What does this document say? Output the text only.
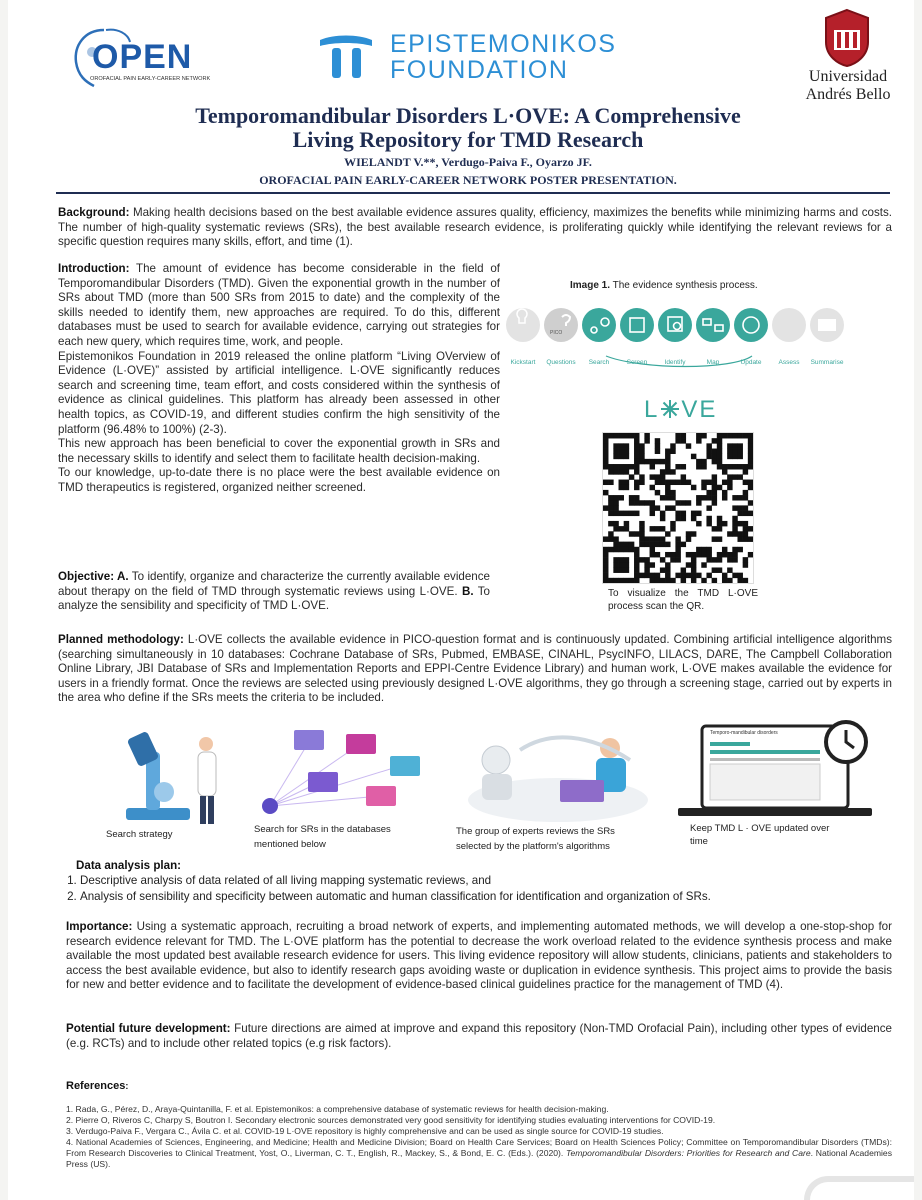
OPEN
OROFACIAL PAIN EARLY-CAREER NETWORK
EPISTEMONIKOS
FOUNDATION	Universidad
Andrés Bello
Temporomandibular Disorders L·OVE: A Comprehensive
Living Repository for TMD Research
WIELANDT V.**, Verdugo-Paiva F., Oyarzo JF.
OROFACIAL PAIN EARLY-CAREER NETWORK POSTER PRESENTATION.
Background: Making health decisions based on the best available evidence assures quality, efficiency, maximizes the benefits while minimizing harms and costs. The number of high-quality systematic reviews (SRs), the best available research evidence, is proliferating quickly while identifying the relevant reviews for a specific question requires many skills, effort, and time (1).
Introduction: The amount of evidence has become considerable in the field of Temporomandibular Disorders (TMD). Given the exponential growth in the number of SRs about TMD (more than 500 SRs from 2015 to date) and the complexity of the skills needed to identify them, new approaches are required. To do this, different databases must be used to search for available evidence, carrying out strategies for each new query, which requires time, work, and people.
Epistemonikos Foundation in 2019 released the online platform “Living OVerview of Evidence (L·OVE)” assisted by artificial intelligence. L·OVE significantly reduces search and screening time, team effort, and costs considered within the synthesis of evidence as clinical guidelines. This platform has already been assessed in other health topics, as COVID-19, and different studies confirm the high sensitivity of the platform (96.48% to 100%) (2-3).
This new approach has been beneficial to cover the exponential growth in SRs and the necessary skills to identify and select them to facilitate health decision-making.
To our knowledge, up-to-date there is no place were the best available evidence on TMD therapeutics is registered, organized neither screened.
Objective: A. To identify, organize and characterize the currently available evidence about therapy on the field of TMD through systematic reviews using L·OVE. B. To analyze the sensibility and specificity of TMD L·OVE.
Image 1. The evidence synthesis process.
PICO
Kickstart	Questions	Search	Screen	Identify	Map	Update	Assess	Summarise
L VE
To visualize the TMD L·OVE process scan the QR.
Planned methodology: L·OVE collects the available evidence in PICO-question format and is continuously updated. Combining artificial intelligence algorithms (searching simultaneously in 10 databases: Cochrane Database of SRs, Pubmed, EMBASE, CINAHL, PsycINFO, LILACS, DARE, The Campbell Collaboration Online Library, JBI Database of SRs and Implementation Reports and EPPI-Centre Evidence Library) and human work, L·OVE makes available the evidence for users in a friendly format. Once the reviews are selected using previously designed L·OVE algorithms, they go through a screening stage, carried out by experts in the area who define if the SRs meets the criteria to be included.
Search strategy	Search for SRs in the databases mentioned below
The group of experts reviews the SRs selected by the platform's algorithms
Temporo-mandibular disorders
Keep TMD L · OVE updated over time
Data analysis plan:
1. Descriptive analysis of data related of all living mapping systematic reviews, and
2. Analysis of sensibility and specificity between automatic and human classification for identification and organization of SRs.
Importance: Using a systematic approach, recruiting a broad network of experts, and implementing automated methods, we will develop a one-stop-shop for research evidence relevant for TMD. The L·OVE platform has the potential to decrease the work overload related to the evidence synthesis process and make available the most updated best available research evidence for users. This living evidence repository will allow students, clinicians, patients and stakeholders to access the best available evidence, but also to identify research gaps avoiding waste or duplication in evidence synthesis. This project aims to provide the basis for new and better evidence and to facilitate the development of evidence-based clinical guidelines practice for the management of TMD (4).
Potential future development: Future directions are aimed at improve and expand this repository (Non-TMD Orofacial Pain), including other types of evidence (e.g. RCTs) and to include other related topics (e.g risk factors).
References:
1. Rada, G., Pérez, D., Araya-Quintanilla, F. et al. Epistemonikos: a comprehensive database of systematic reviews for health decision-making.
2. Pierre O, Riveros C, Charpy S, Boutron I. Secondary electronic sources demonstrated very good sensitivity for identifying studies evaluating interventions for COVID-19.
3. Verdugo-Paiva F., Vergara C., Ávila C. et al. COVID-19 L·OVE repository is highly comprehensive and can be used as single source for COVID-19 studies.
4. National Academies of Sciences, Engineering, and Medicine; Health and Medicine Division; Board on Health Care Services; Board on Health Sciences Policy; Committee on Temporomandibular Disorders (TMDs): From Research Discoveries to Clinical Treatment, Yost, O., Liverman, C. T., English, R., Mackey, S., & Bond, E. C. (Eds.). (2020). Temporomandibular Disorders: Priorities for Research and Care. National Academies Press (US).
